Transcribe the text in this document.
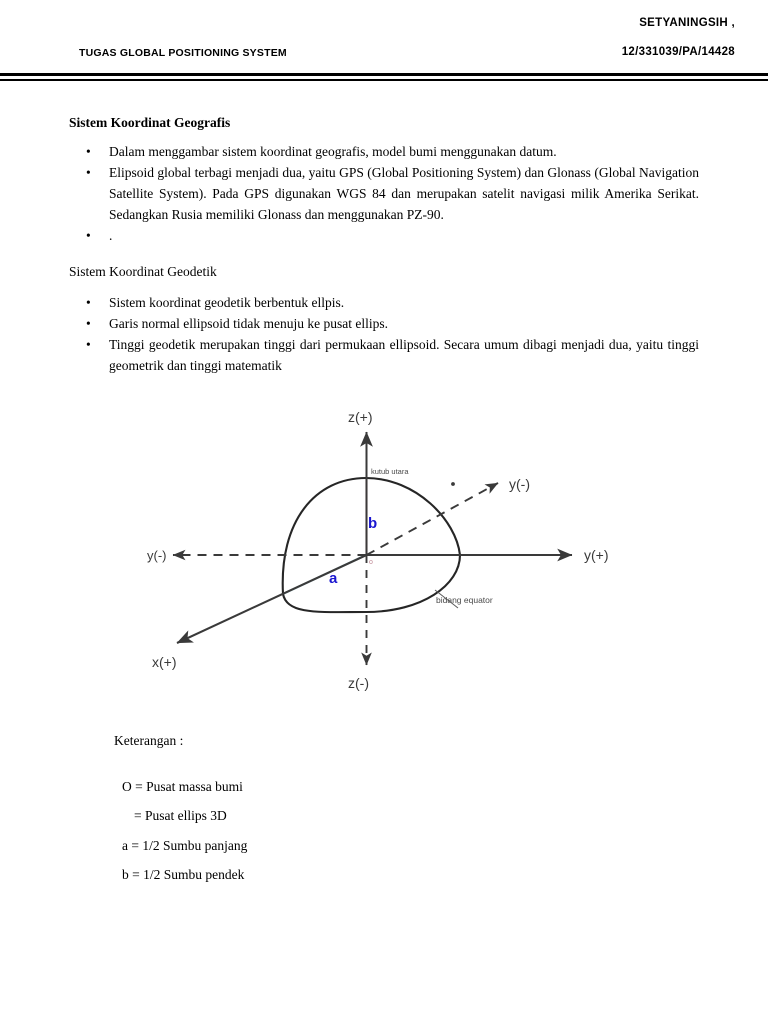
SETYANINGSIH ,
12/331039/PA/14428
TUGAS GLOBAL POSITIONING SYSTEM
Sistem Koordinat Geografis
• Dalam menggambar sistem koordinat geografis, model bumi menggunakan datum.
• Elipsoid global terbagi menjadi dua, yaitu GPS (Global Positioning System) dan Glonass (Global Navigation Satellite System). Pada GPS digunakan WGS 84 dan merupakan satelit navigasi milik Amerika Serikat. Sedangkan Rusia memiliki Glonass dan menggunakan PZ-90.
• .
Sistem Koordinat Geodetik
• Sistem koordinat geodetik berbentuk ellpis.
• Garis normal ellipsoid tidak menuju ke pusat ellips.
• Tinggi geodetik merupakan tinggi dari permukaan ellipsoid. Secara umum dibagi menjadi dua, yaitu tinggi geometrik dan tinggi matematik
o
z(+)
z(-)
y(+)
y(-)
y(-)
x(+)
kutub utara
bidang equator
b
a
Keterangan :
O = Pusat massa bumi
= Pusat ellips 3D
a = 1/2 Sumbu panjang
b = 1/2 Sumbu pendek
